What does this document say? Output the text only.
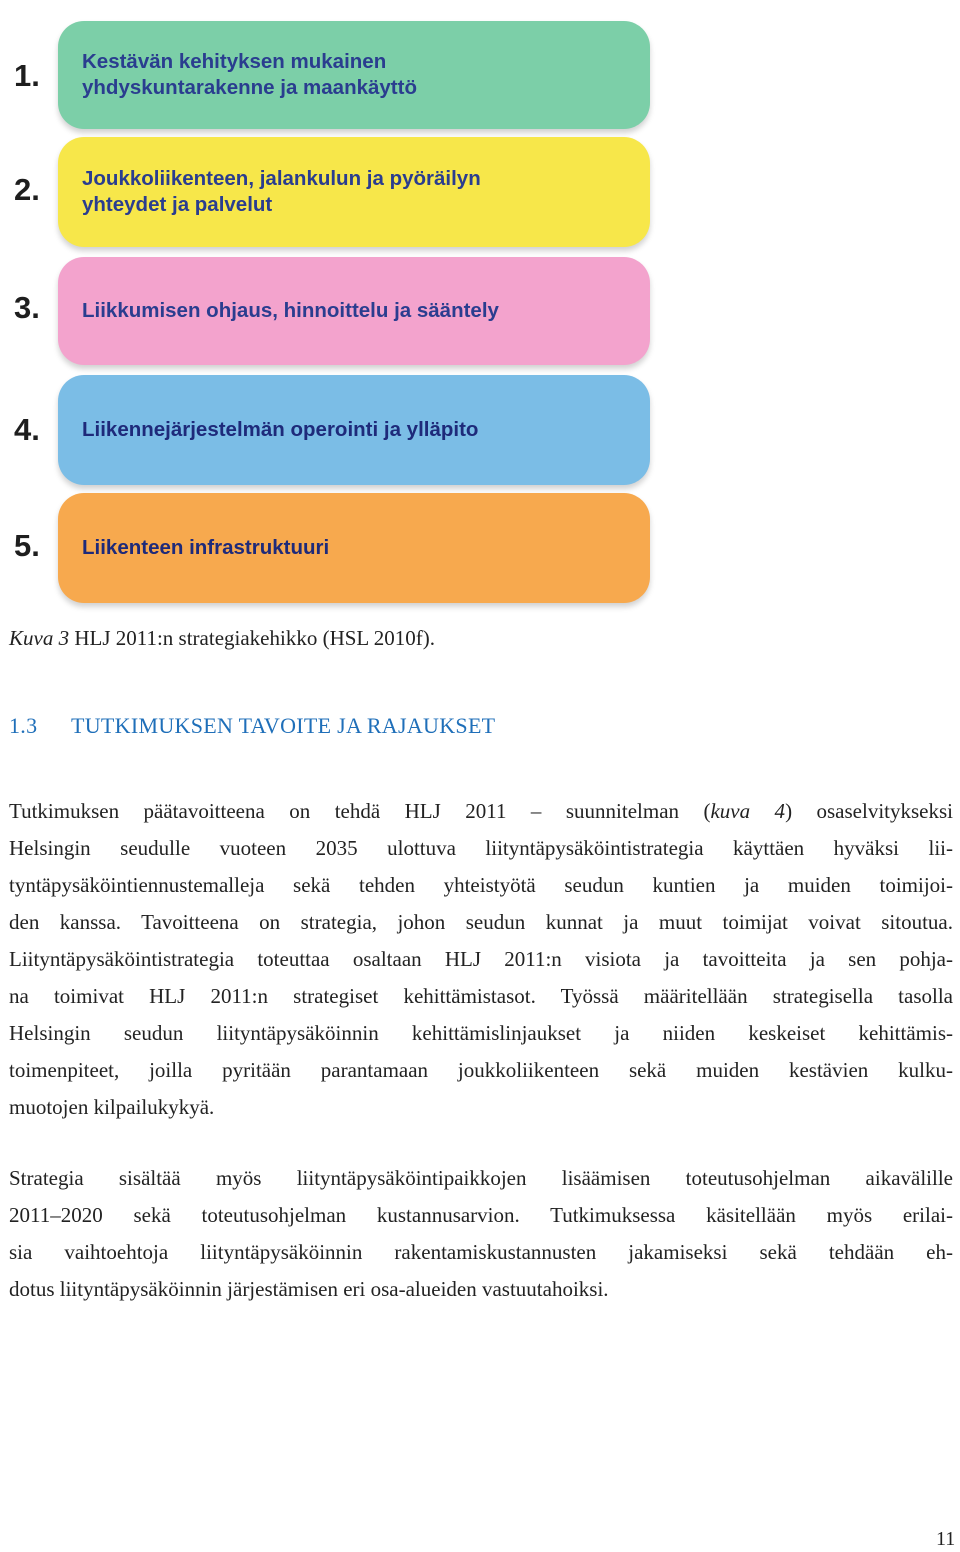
1. Kestävän kehityksen mukainen
yhdyskuntarakenne ja maankäyttö
2. Joukkoliikenteen, jalankulun ja pyöräilyn
yhteydet ja palvelut
3. Liikkumisen ohjaus, hinnoittelu ja sääntely
4. Liikennejärjestelmän operointi ja ylläpito
5. Liikenteen infrastruktuuri
Kuva 3 HLJ 2011:n strategiakehikko (HSL 2010f).
1.3 TUTKIMUKSEN TAVOITE JA RAJAUKSET
Tutkimuksen päätavoitteena on tehdä HLJ 2011 – suunnitelman (kuva 4) osaselvitykseksi
Helsingin seudulle vuoteen 2035 ulottuva liityntäpysäköintistrategia käyttäen hyväksi lii-
tyntäpysäköintiennustemalleja sekä tehden yhteistyötä seudun kuntien ja muiden toimijoi-
den kanssa. Tavoitteena on strategia, johon seudun kunnat ja muut toimijat voivat sitoutua.
Liityntäpysäköintistrategia toteuttaa osaltaan HLJ 2011:n visiota ja tavoitteita ja sen pohja-
na toimivat HLJ 2011:n strategiset kehittämistasot. Työssä määritellään strategisella tasolla
Helsingin seudun liityntäpysäköinnin kehittämislinjaukset ja niiden keskeiset kehittämis-
toimenpiteet, joilla pyritään parantamaan joukkoliikenteen sekä muiden kestävien kulku-
muotojen kilpailukykyä.
Strategia sisältää myös liityntäpysäköintipaikkojen lisäämisen toteutusohjelman aikavälille
2011–2020 sekä toteutusohjelman kustannusarvion. Tutkimuksessa käsitellään myös erilai-
sia vaihtoehtoja liityntäpysäköinnin rakentamiskustannusten jakamiseksi sekä tehdään eh-
dotus liityntäpysäköinnin järjestämisen eri osa-alueiden vastuutahoiksi.
11
